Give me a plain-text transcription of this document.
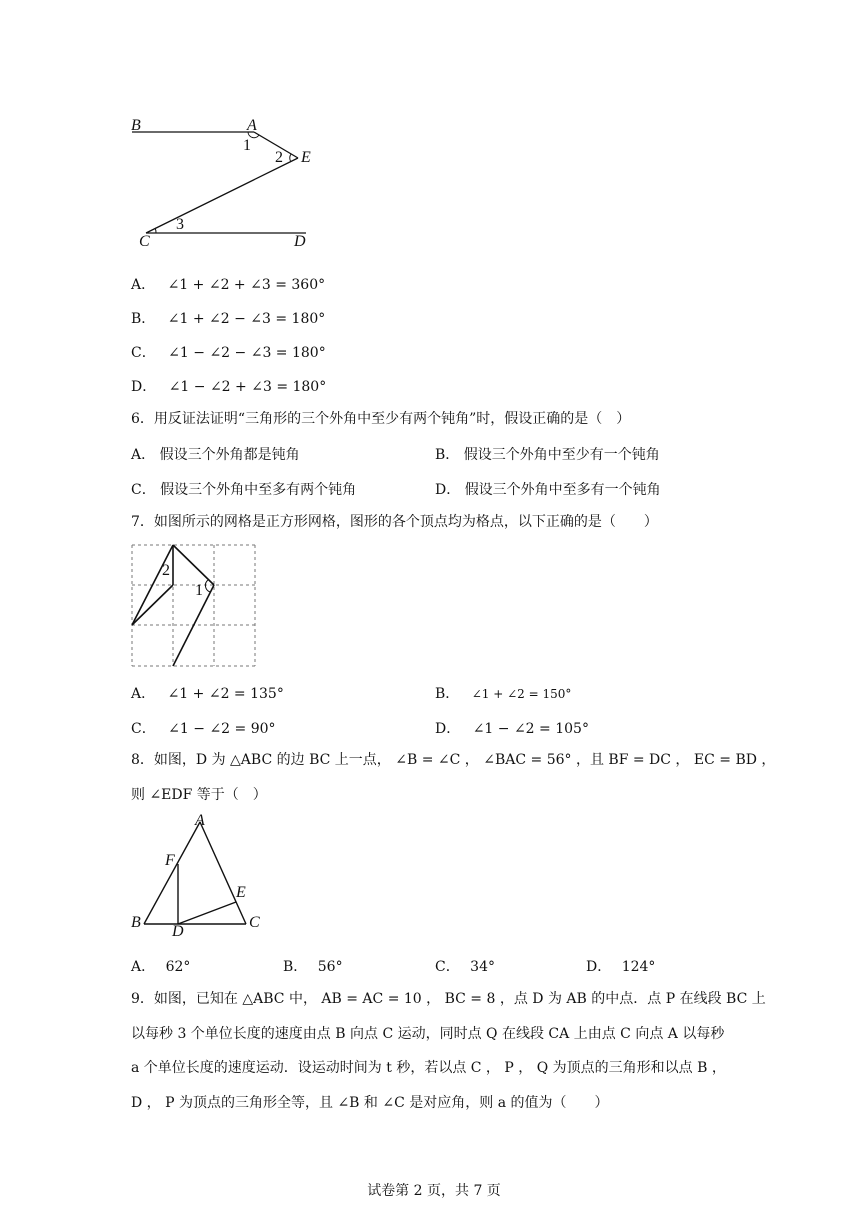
B	A
E
C	D
1
2
3
A． ∠1 + ∠2 + ∠3 = 360°
B． ∠1 + ∠2 − ∠3 = 180°
C． ∠1 − ∠2 − ∠3 = 180°
D． ∠1 − ∠2 + ∠3 = 180°
6．用反证法证明“三角形的三个外角中至少有两个钝角”时，假设正确的是（　）
A． 假设三个外角都是钝角	B． 假设三个外角中至少有一个钝角
C． 假设三个外角中至多有两个钝角	D． 假设三个外角中至多有一个钝角
7．如图所示的网格是正方形网格，图形的各个顶点均为格点，以下正确的是（　　）
2
1
A． ∠1 + ∠2 = 135°	B． ∠1 + ∠2 = 150°
C． ∠1 − ∠2 = 90°	D． ∠1 − ∠2 = 105°
8．如图，D 为 △ABC 的边 BC 上一点， ∠B = ∠C ， ∠BAC = 56° ，且 BF = DC ， EC = BD ，
则 ∠EDF 等于（　）
A
F
E
B
D
C
A． 62°	B． 56°	C． 34°	D． 124°
9．如图，已知在 △ABC 中， AB = AC = 10 ， BC = 8 ，点 D 为 AB 的中点．点 P 在线段 BC 上
以每秒 3 个单位长度的速度由点 B 向点 C 运动，同时点 Q 在线段 CA 上由点 C 向点 A 以每秒
a 个单位长度的速度运动．设运动时间为 t 秒，若以点 C ， P ， Q 为顶点的三角形和以点 B ，
D ， P 为顶点的三角形全等，且 ∠B 和 ∠C 是对应角，则 a 的值为（　　）
试卷第 2 页，共 7 页
